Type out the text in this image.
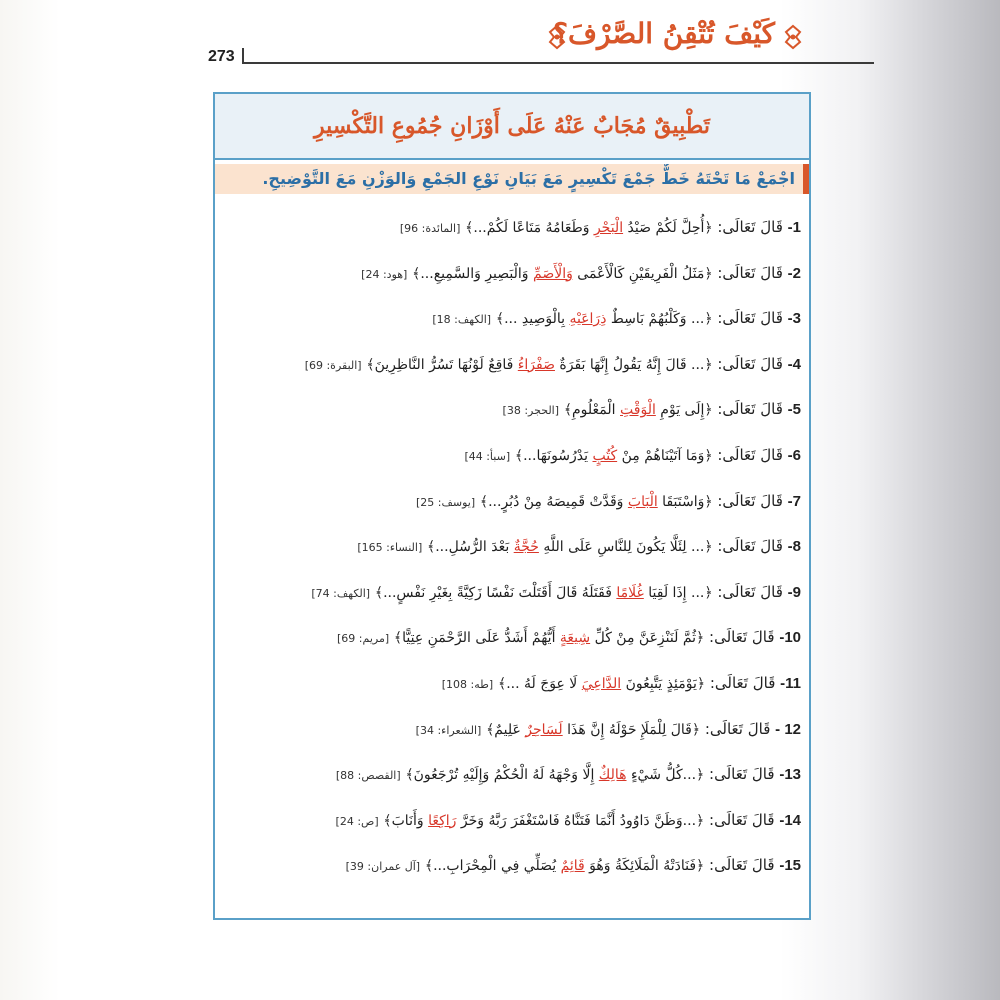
كَيْفَ تُتْقِنُ الصَّرْفَ؟
273
تَطْبِيقٌ مُجَابٌ عَنْهُ عَلَى أَوْزَانِ جُمُوعِ التَّكْسِيرِ
اجْمَعْ مَا تَحْتَهُ خَطٌّ جَمْعَ تَكْسِيرٍ مَعَ بَيَانِ نَوْعِ الجَمْعِ وَالوَزْنِ مَعَ التَّوْضِيحِ.
1- قَالَ تَعَالَى: ﴿أُحِلَّ لَكُمْ صَيْدُ الْبَحْرِ وَطَعَامُهُ مَتَاعًا لَكُمْ...﴾ [المائدة: 96]
2- قَالَ تَعَالَى: ﴿مَثَلُ الْفَرِيقَيْنِ كَالْأَعْمَى وَالْأَصَمِّ وَالْبَصِيرِ وَالسَّمِيعِ...﴾ [هود: 24]
3- قَالَ تَعَالَى: ﴿... وَكَلْبُهُمْ بَاسِطٌ ذِرَاعَيْهِ بِالْوَصِيدِ ...﴾ [الكهف: 18]
4- قَالَ تَعَالَى: ﴿... قَالَ إِنَّهُ يَقُولُ إِنَّهَا بَقَرَةٌ صَفْرَاءُ فَاقِعٌ لَوْنُهَا تَسُرُّ النَّاظِرِينَ﴾ [البقرة: 69]
5- قَالَ تَعَالَى: ﴿إِلَى يَوْمِ الْوَقْتِ الْمَعْلُومِ﴾ [الحجر: 38]
6- قَالَ تَعَالَى: ﴿وَمَا آتَيْنَاهُمْ مِنْ كُتُبٍ يَدْرُسُونَهَا...﴾ [سبأ: 44]
7- قَالَ تَعَالَى: ﴿وَاسْتَبَقَا الْبَابَ وَقَدَّتْ قَمِيصَهُ مِنْ دُبُرٍ...﴾ [يوسف: 25]
8- قَالَ تَعَالَى: ﴿... لِئَلَّا يَكُونَ لِلنَّاسِ عَلَى اللَّهِ حُجَّةٌ بَعْدَ الرُّسُلِ...﴾ [النساء: 165]
9- قَالَ تَعَالَى: ﴿... إِذَا لَقِيَا غُلَامًا فَقَتَلَهُ قَالَ أَقَتَلْتَ نَفْسًا زَكِيَّةً بِغَيْرِ نَفْسٍ...﴾ [الكهف: 74]
10- قَالَ تَعَالَى: ﴿ثُمَّ لَنَنْزِعَنَّ مِنْ كُلِّ شِيعَةٍ أَيُّهُمْ أَشَدُّ عَلَى الرَّحْمَنِ عِتِيًّا﴾ [مريم: 69]
11- قَالَ تَعَالَى: ﴿يَوْمَئِذٍ يَتَّبِعُونَ الدَّاعِيَ لَا عِوَجَ لَهُ ...﴾ [طه: 108]
12 - قَالَ تَعَالَى: ﴿قَالَ لِلْمَلَإِ حَوْلَهُ إِنَّ هَذَا لَسَاحِرٌ عَلِيمٌ﴾ [الشعراء: 34]
13- قَالَ تَعَالَى: ﴿...كُلُّ شَيْءٍ هَالِكٌ إِلَّا وَجْهَهُ لَهُ الْحُكْمُ وَإِلَيْهِ تُرْجَعُونَ﴾ [القصص: 88]
14- قَالَ تَعَالَى: ﴿...وَظَنَّ دَاوُودُ أَنَّمَا فَتَنَّاهُ فَاسْتَغْفَرَ رَبَّهُ وَخَرَّ رَاكِعًا وَأَنَابَ﴾ [ص: 24]
15- قَالَ تَعَالَى: ﴿فَنَادَتْهُ الْمَلَائِكَةُ وَهُوَ قَائِمٌ يُصَلِّي فِي الْمِحْرَابِ...﴾ [آل عمران: 39]
